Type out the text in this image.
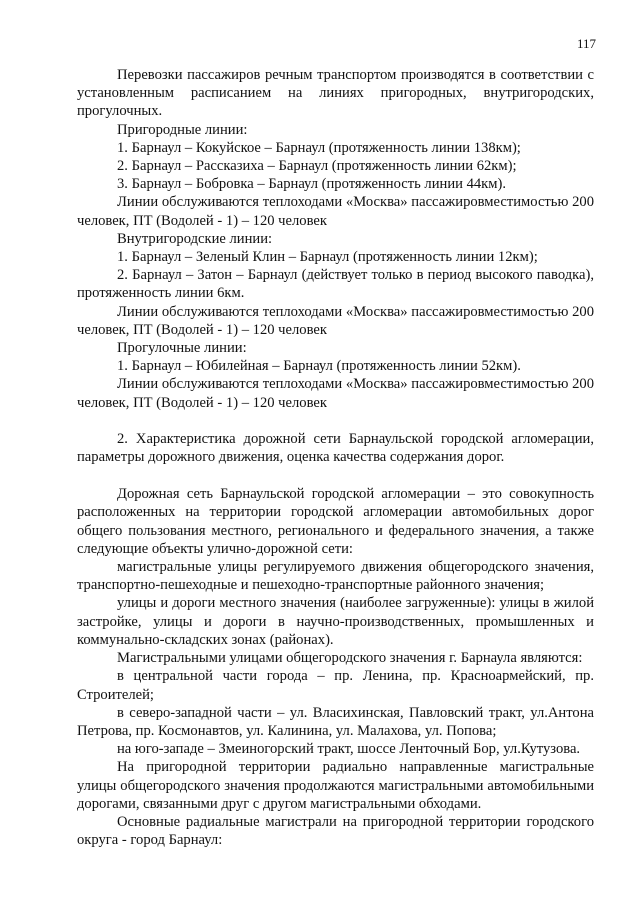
117

Перевозки пассажиров речным транспортом производятся в соответствии с установленным расписанием на линиях пригородных, внутригородских, прогулочных.

Пригородные линии:

1. Барнаул – Кокуйское – Барнаул (протяженность линии 138км);

2. Барнаул – Рассказиха – Барнаул (протяженность линии 62км);

3. Барнаул – Бобровка – Барнаул (протяженность линии 44км).

Линии обслуживаются теплоходами «Москва» пассажировместимостью 200 человек, ПТ (Водолей - 1) – 120 человек

Внутригородские линии:

1. Барнаул – Зеленый Клин – Барнаул (протяженность линии 12км);

2. Барнаул – Затон – Барнаул (действует только в период высокого паводка), протяженность линии 6км.

Линии обслуживаются теплоходами «Москва» пассажировместимостью 200 человек, ПТ (Водолей - 1) – 120 человек

Прогулочные линии:

1. Барнаул – Юбилейная – Барнаул (протяженность линии 52км).

Линии обслуживаются теплоходами «Москва» пассажировместимостью 200 человек, ПТ (Водолей - 1) – 120 человек

2. Характеристика дорожной сети Барнаульской городской агломерации, параметры дорожного движения, оценка качества содержания дорог.

Дорожная сеть Барнаульской городской агломерации – это совокупность расположенных на территории городской агломерации автомобильных дорог общего пользования местного, регионального и федерального значения, а также следующие объекты улично-дорожной сети:

магистральные улицы регулируемого движения общегородского значения, транспортно-пешеходные и пешеходно-транспортные районного значения;

улицы и дороги местного значения (наиболее загруженные): улицы в жилой застройке, улицы и дороги в научно-производственных, промышленных и коммунально-складских зонах (районах).

Магистральными улицами общегородского значения г. Барнаула являются:

в центральной части города – пр. Ленина, пр. Красноармейский, пр. Строителей;

в северо-западной части – ул. Власихинская, Павловский тракт, ул.Антона Петрова, пр. Космонавтов, ул. Калинина, ул. Малахова, ул. Попова;

на юго-западе – Змеиногорский тракт, шоссе Ленточный Бор, ул.Кутузова.

На пригородной территории радиально направленные магистральные улицы общегородского значения продолжаются магистральными автомобильными дорогами, связанными друг с другом магистральными обходами.

Основные радиальные магистрали на пригородной территории городского округа - город Барнаул:
